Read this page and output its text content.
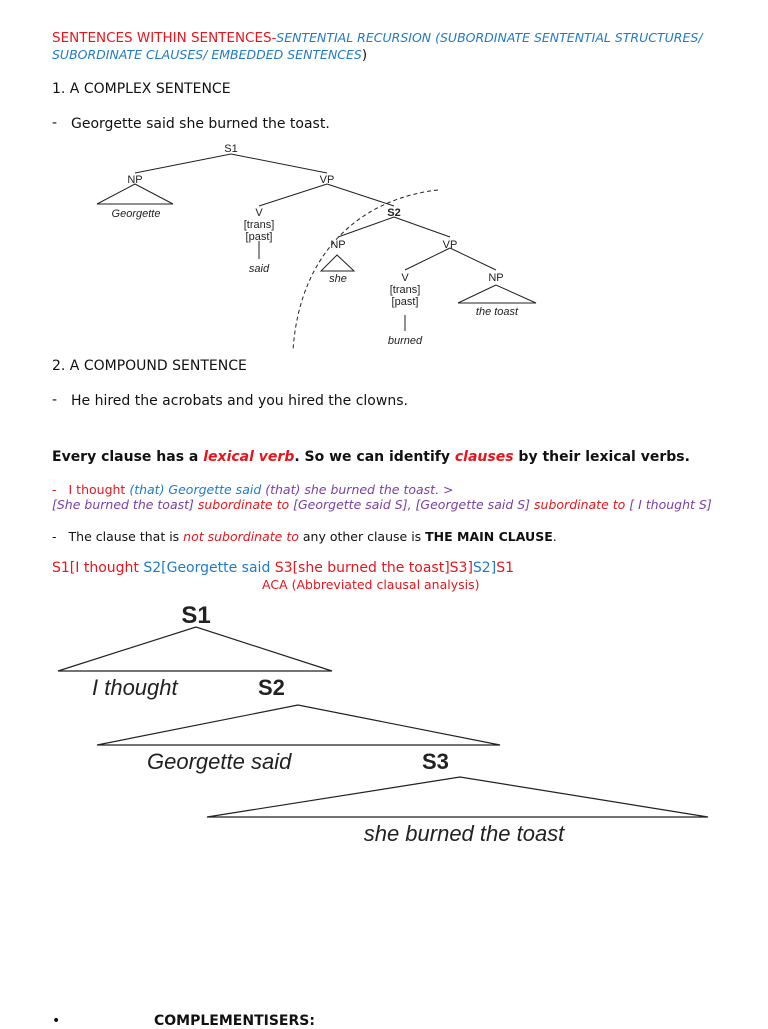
SENTENCES WITHIN SENTENCES-SENTENTIAL RECURSION (SUBORDINATE SENTENTIAL STRUCTURES/
SUBORDINATE CLAUSES/ EMBEDDED SENTENCES)
1. A COMPLEX SENTENCE
- Georgette said she burned the toast.
S1
NP	VP
Georgette	V
[trans]
[past]
said
S2
NP	VP
she	V
[trans]
[past]
NP
the toast
burned
2. A COMPOUND SENTENCE
- He hired the acrobats and you hired the clowns.
Every clause has a lexical verb. So we can identify clauses by their lexical verbs.
- I thought (that) Georgette said (that) she burned the toast. >
[She burned the toast] subordinate to [Georgette said S], [Georgette said S] subordinate to [ I thought S]
- The clause that is not subordinate to any other clause is THE MAIN CLAUSE.
S1[I thought S2[Georgette said S3[she burned the toast]S3]S2]S1
ACA (Abbreviated clausal analysis)
S1
I thought	S2
Georgette said	S3
she burned the toast
•	COMPLEMENTISERS:
